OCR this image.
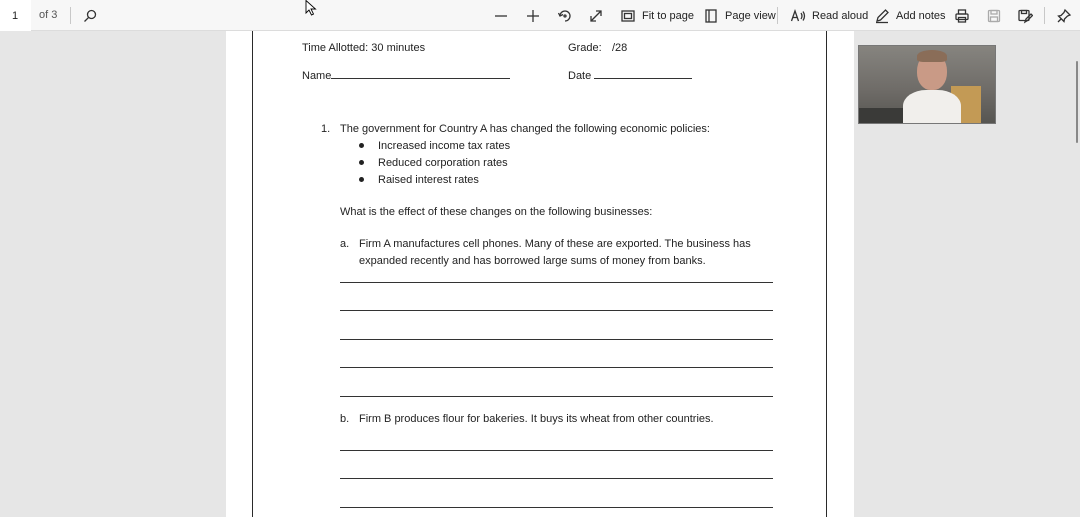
1
of 3	Fit to page	Page view	Read aloud	Add notes
Time Allotted: 30 minutes	Grade: /28
Name	Date
1. The government for Country A has changed the following economic policies:
Increased income tax rates
Reduced corporation rates
Raised interest rates
What is the effect of these changes on the following businesses:
a. Firm A manufactures cell phones. Many of these are exported. The business has
expanded recently and has borrowed large sums of money from banks.
b. Firm B produces flour for bakeries. It buys its wheat from other countries.
